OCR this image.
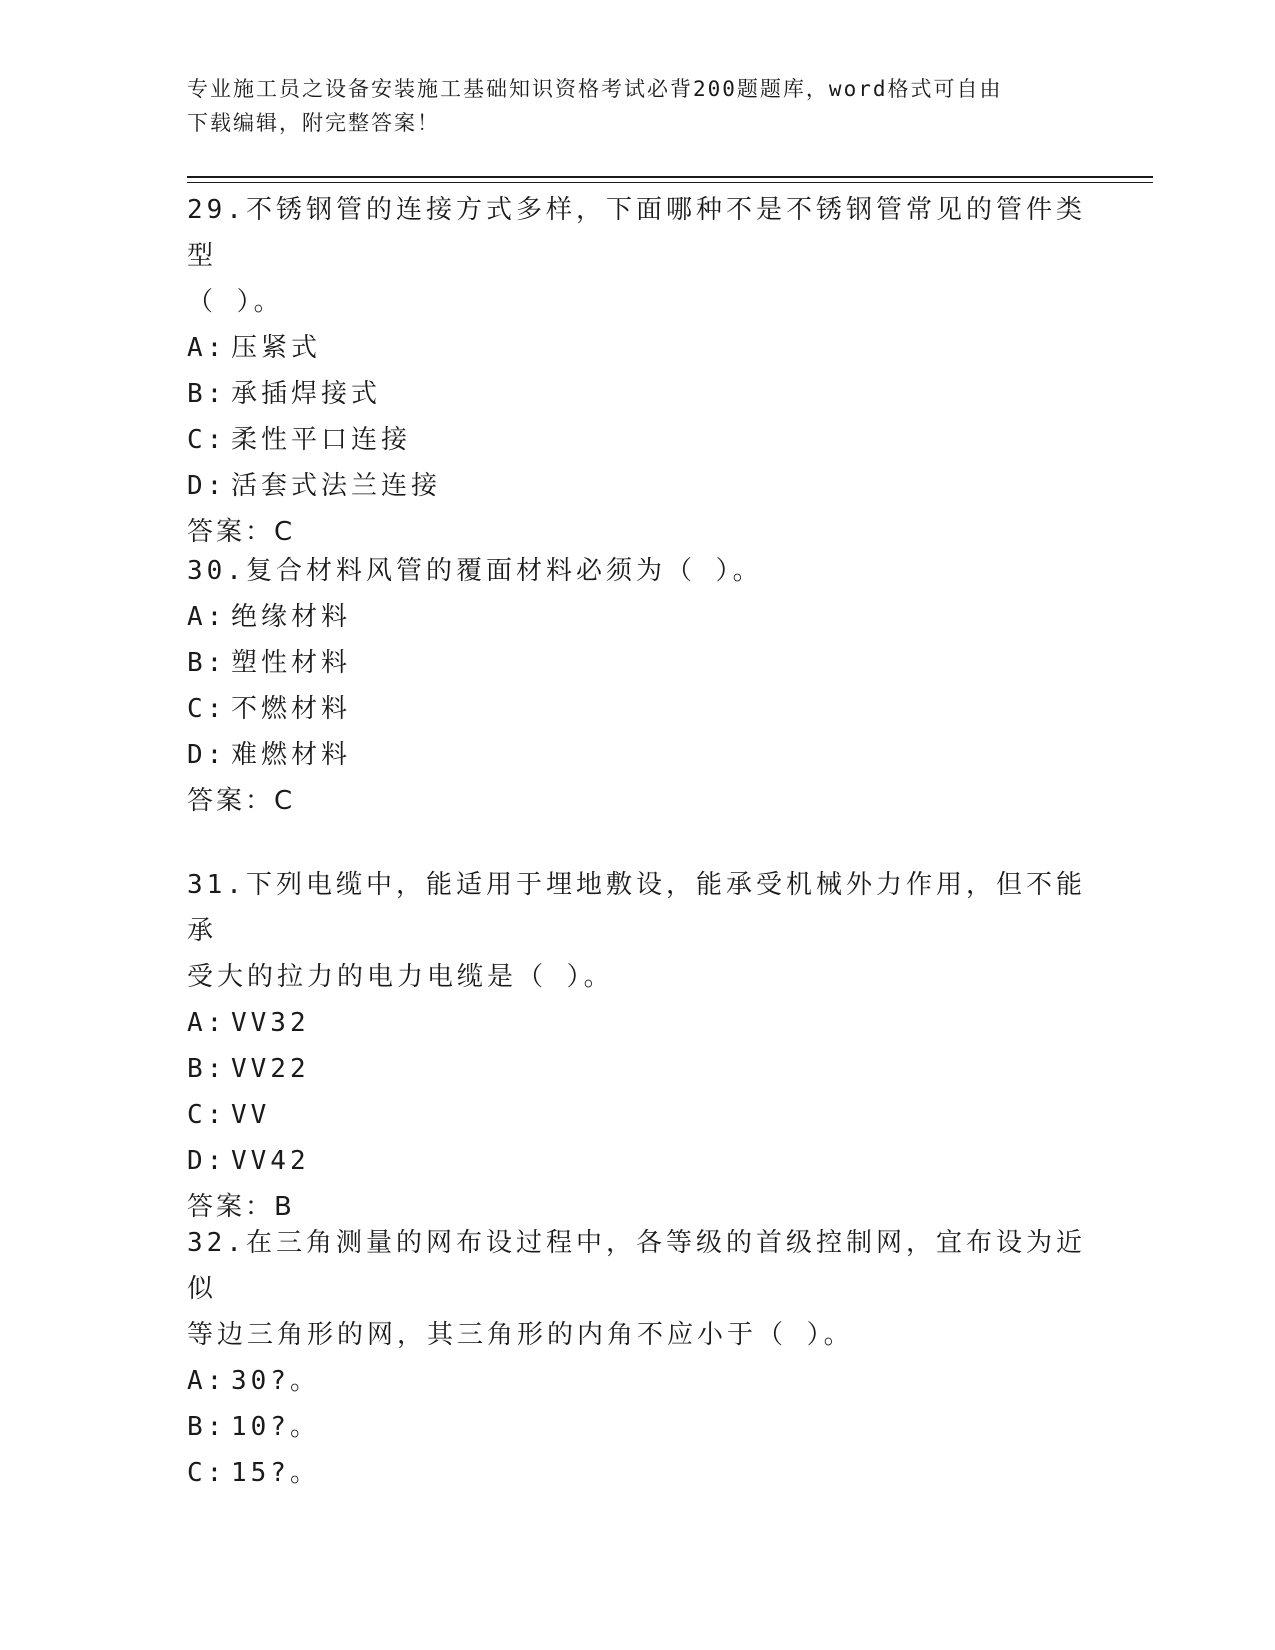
专业施工员之设备安装施工基础知识资格考试必背200题题库，word格式可自由
下载编辑，附完整答案！
29.不锈钢管的连接方式多样，下面哪种不是不锈钢管常见的管件类型
（ ）。
A: 压紧式
B: 承插焊接式
C: 柔性平口连接
D: 活套式法兰连接
答案：C
30.复合材料风管的覆面材料必须为（ ）。
A: 绝缘材料
B: 塑性材料
C: 不燃材料
D: 难燃材料
答案：C
31.下列电缆中，能适用于埋地敷设，能承受机械外力作用，但不能承
受大的拉力的电力电缆是（ ）。
A: VV32
B: VV22
C: VV
D: VV42
答案：B
32.在三角测量的网布设过程中，各等级的首级控制网，宜布设为近似
等边三角形的网，其三角形的内角不应小于（ ）。
A: 30?。
B: 10?。
C: 15?。
